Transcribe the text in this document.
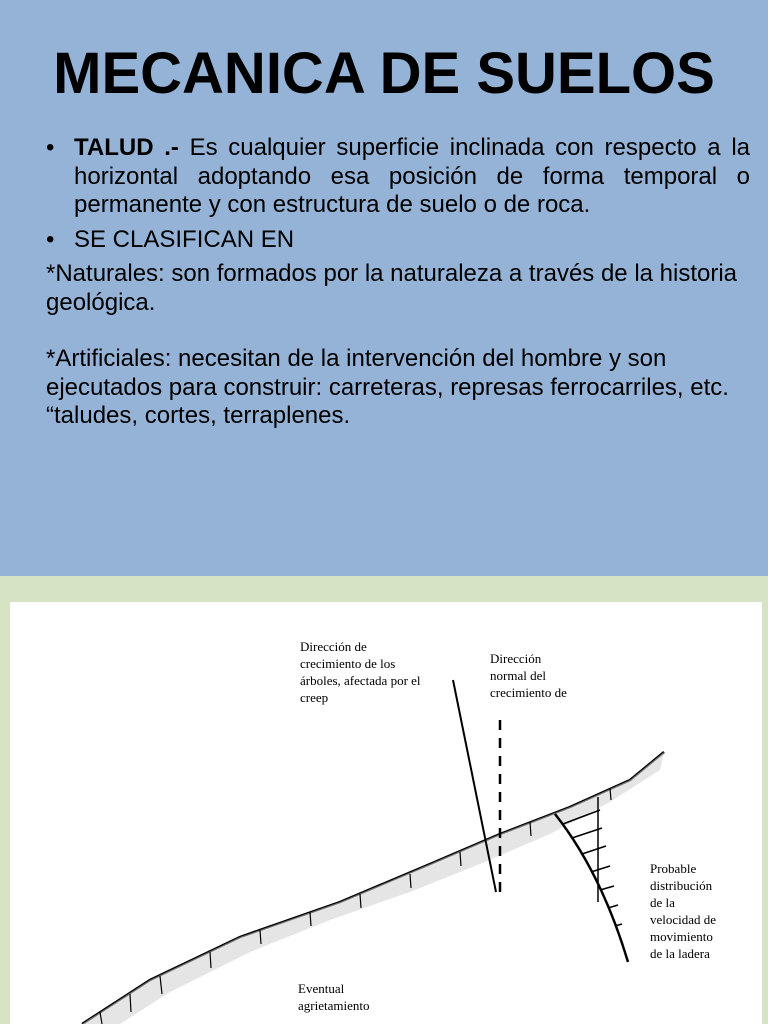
MECANICA DE SUELOS
• TALUD .- Es cualquier superficie inclinada con respecto a la horizontal adoptando esa posición de forma temporal o permanente y con estructura de suelo o de roca.
• SE CLASIFICAN EN

*Naturales: son formados por la naturaleza a través de la historia geológica.

*Artificiales: necesitan de la intervención del hombre y son ejecutados para construir: carreteras, represas ferrocarriles, etc. “taludes, cortes, terraplenes.

Dirección de
crecimiento de los
árboles, afectada por el
creep
Dirección
normal del
crecimiento de
Probable
distribución
de la
velocidad de
movimiento
de la ladera
Eventual
agrietamiento
